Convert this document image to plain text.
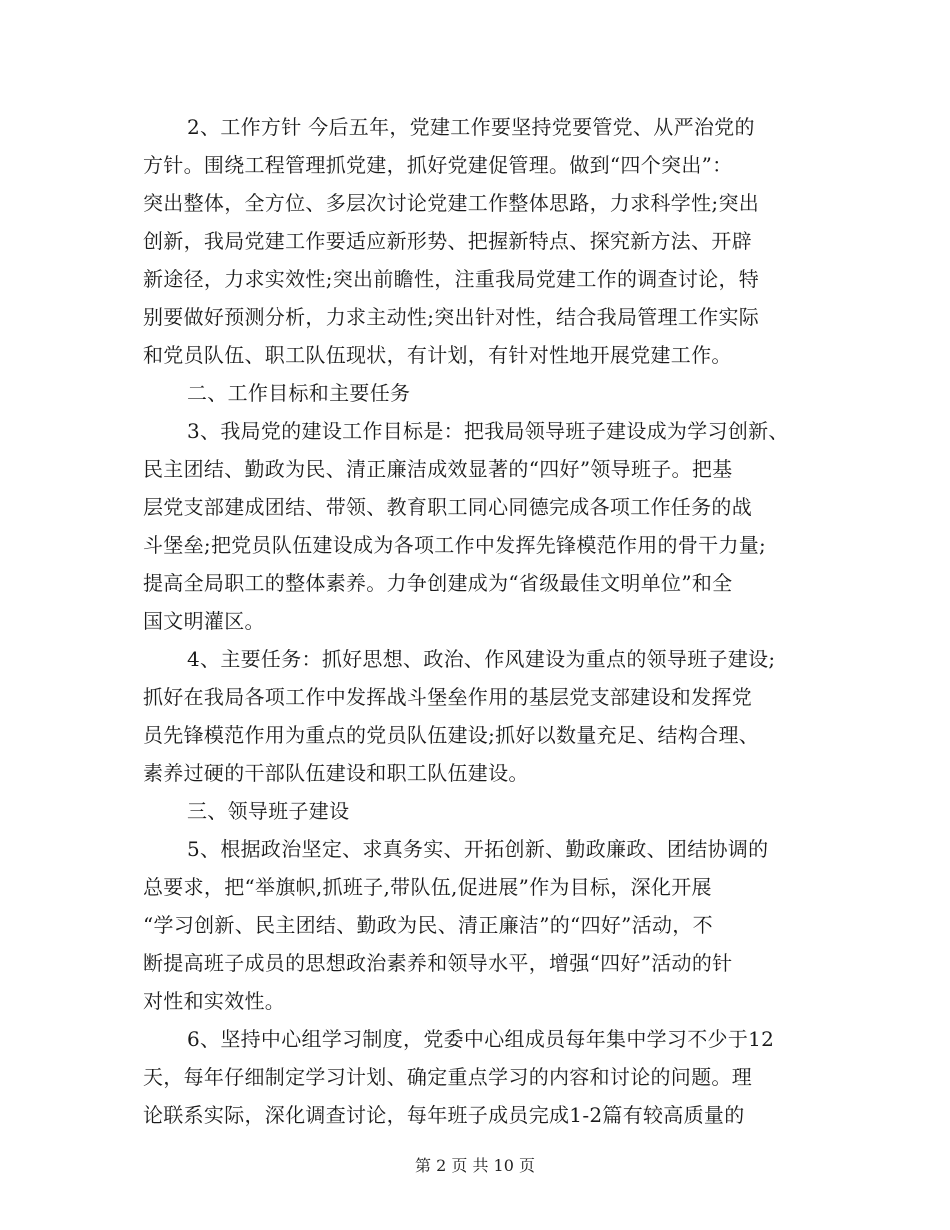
2、工作方针 今后五年，党建工作要坚持党要管党、从严治党的
方针。围绕工程管理抓党建，抓好党建促管理。做到“四个突出”：
突出整体，全方位、多层次讨论党建工作整体思路，力求科学性;突出
创新，我局党建工作要适应新形势、把握新特点、探究新方法、开辟
新途径，力求实效性;突出前瞻性，注重我局党建工作的调查讨论，特
别要做好预测分析，力求主动性;突出针对性，结合我局管理工作实际
和党员队伍、职工队伍现状，有计划，有针对性地开展党建工作。
二、工作目标和主要任务
3、我局党的建设工作目标是：把我局领导班子建设成为学习创新、
民主团结、勤政为民、清正廉洁成效显著的“四好”领导班子。把基
层党支部建成团结、带领、教育职工同心同德完成各项工作任务的战
斗堡垒;把党员队伍建设成为各项工作中发挥先锋模范作用的骨干力量;
提高全局职工的整体素养。力争创建成为“省级最佳文明单位”和全
国文明灌区。
4、主要任务：抓好思想、政治、作风建设为重点的领导班子建设;
抓好在我局各项工作中发挥战斗堡垒作用的基层党支部建设和发挥党
员先锋模范作用为重点的党员队伍建设;抓好以数量充足、结构合理、
素养过硬的干部队伍建设和职工队伍建设。
三、领导班子建设
5、根据政治坚定、求真务实、开拓创新、勤政廉政、团结协调的
总要求，把“举旗帜,抓班子,带队伍,促进展”作为目标，深化开展
“学习创新、民主团结、勤政为民、清正廉洁”的“四好”活动，不
断提高班子成员的思想政治素养和领导水平，增强“四好”活动的针
对性和实效性。
6、坚持中心组学习制度，党委中心组成员每年集中学习不少于12
天，每年仔细制定学习计划、确定重点学习的内容和讨论的问题。理
论联系实际，深化调查讨论，每年班子成员完成1-2篇有较高质量的
第 2 页 共 10 页
